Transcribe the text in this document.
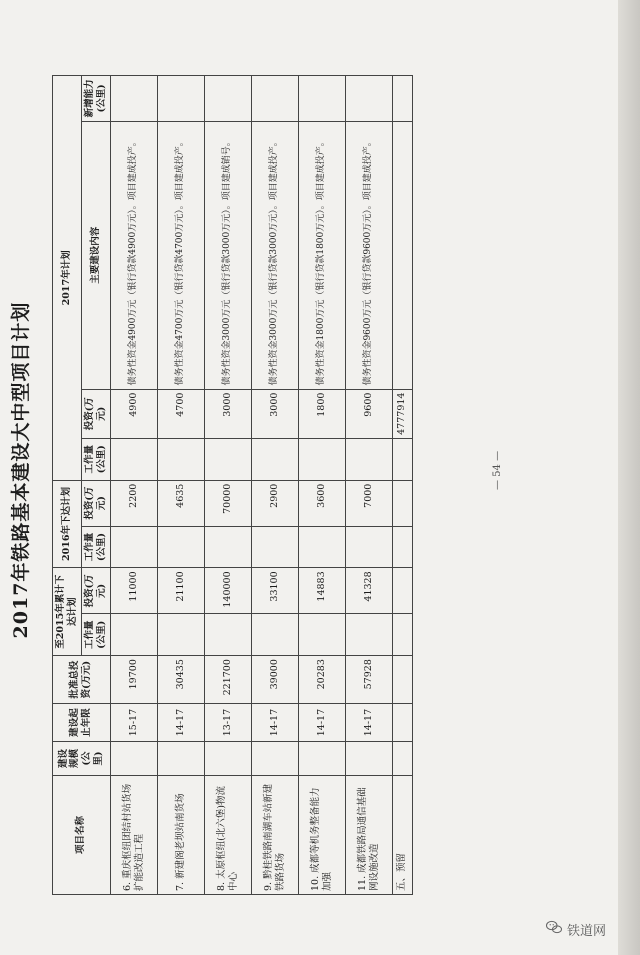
2017年铁路基本建设大中型项目计划
项目名称	建设规模(公里)	建设起止年限	批准总投资(万元)	至2015年累计下达计划		2016年下达计划		2017年计划			
				工作量(公里)	投资(万元)	工作量(公里)	投资(万元)	工作量(公里)	投资(万元)	主要建设内容	新增能力(公里)
6. 重庆枢纽团结村站货场扩能改造工程		15-17	19700		11000		2200		4900	债务性资金4900万元（银行贷款4900万元）。项目建成投产。	
7. 新建阁老坝站南货场		14-17	30435		21100		4635		4700	债务性资金4700万元（银行贷款4700万元）。项目建成投产。	
8. 太原枢纽(北六堡)物流中心		13-17	221700		140000		70000		3000	债务性资金3000万元（银行贷款3000万元）。项目建成销号。	
9. 黔桂铁路南湖车站新建铁路货场		14-17	39000		33100		2900		3000	债务性资金3000万元（银行贷款3000万元）。项目建成投产。	
10. 成都等机务整备能力加强		14-17	20283		14883		3600		1800	债务性资金1800万元（银行贷款1800万元）。项目建成投产。	
11. 成都铁路局通信基础网设施改造		14-17	57928		41328		7000		9600	债务性资金9600万元（银行贷款9600万元）。项目建成投产。	
五、预留									4777914		
— 54 —
铁道网
